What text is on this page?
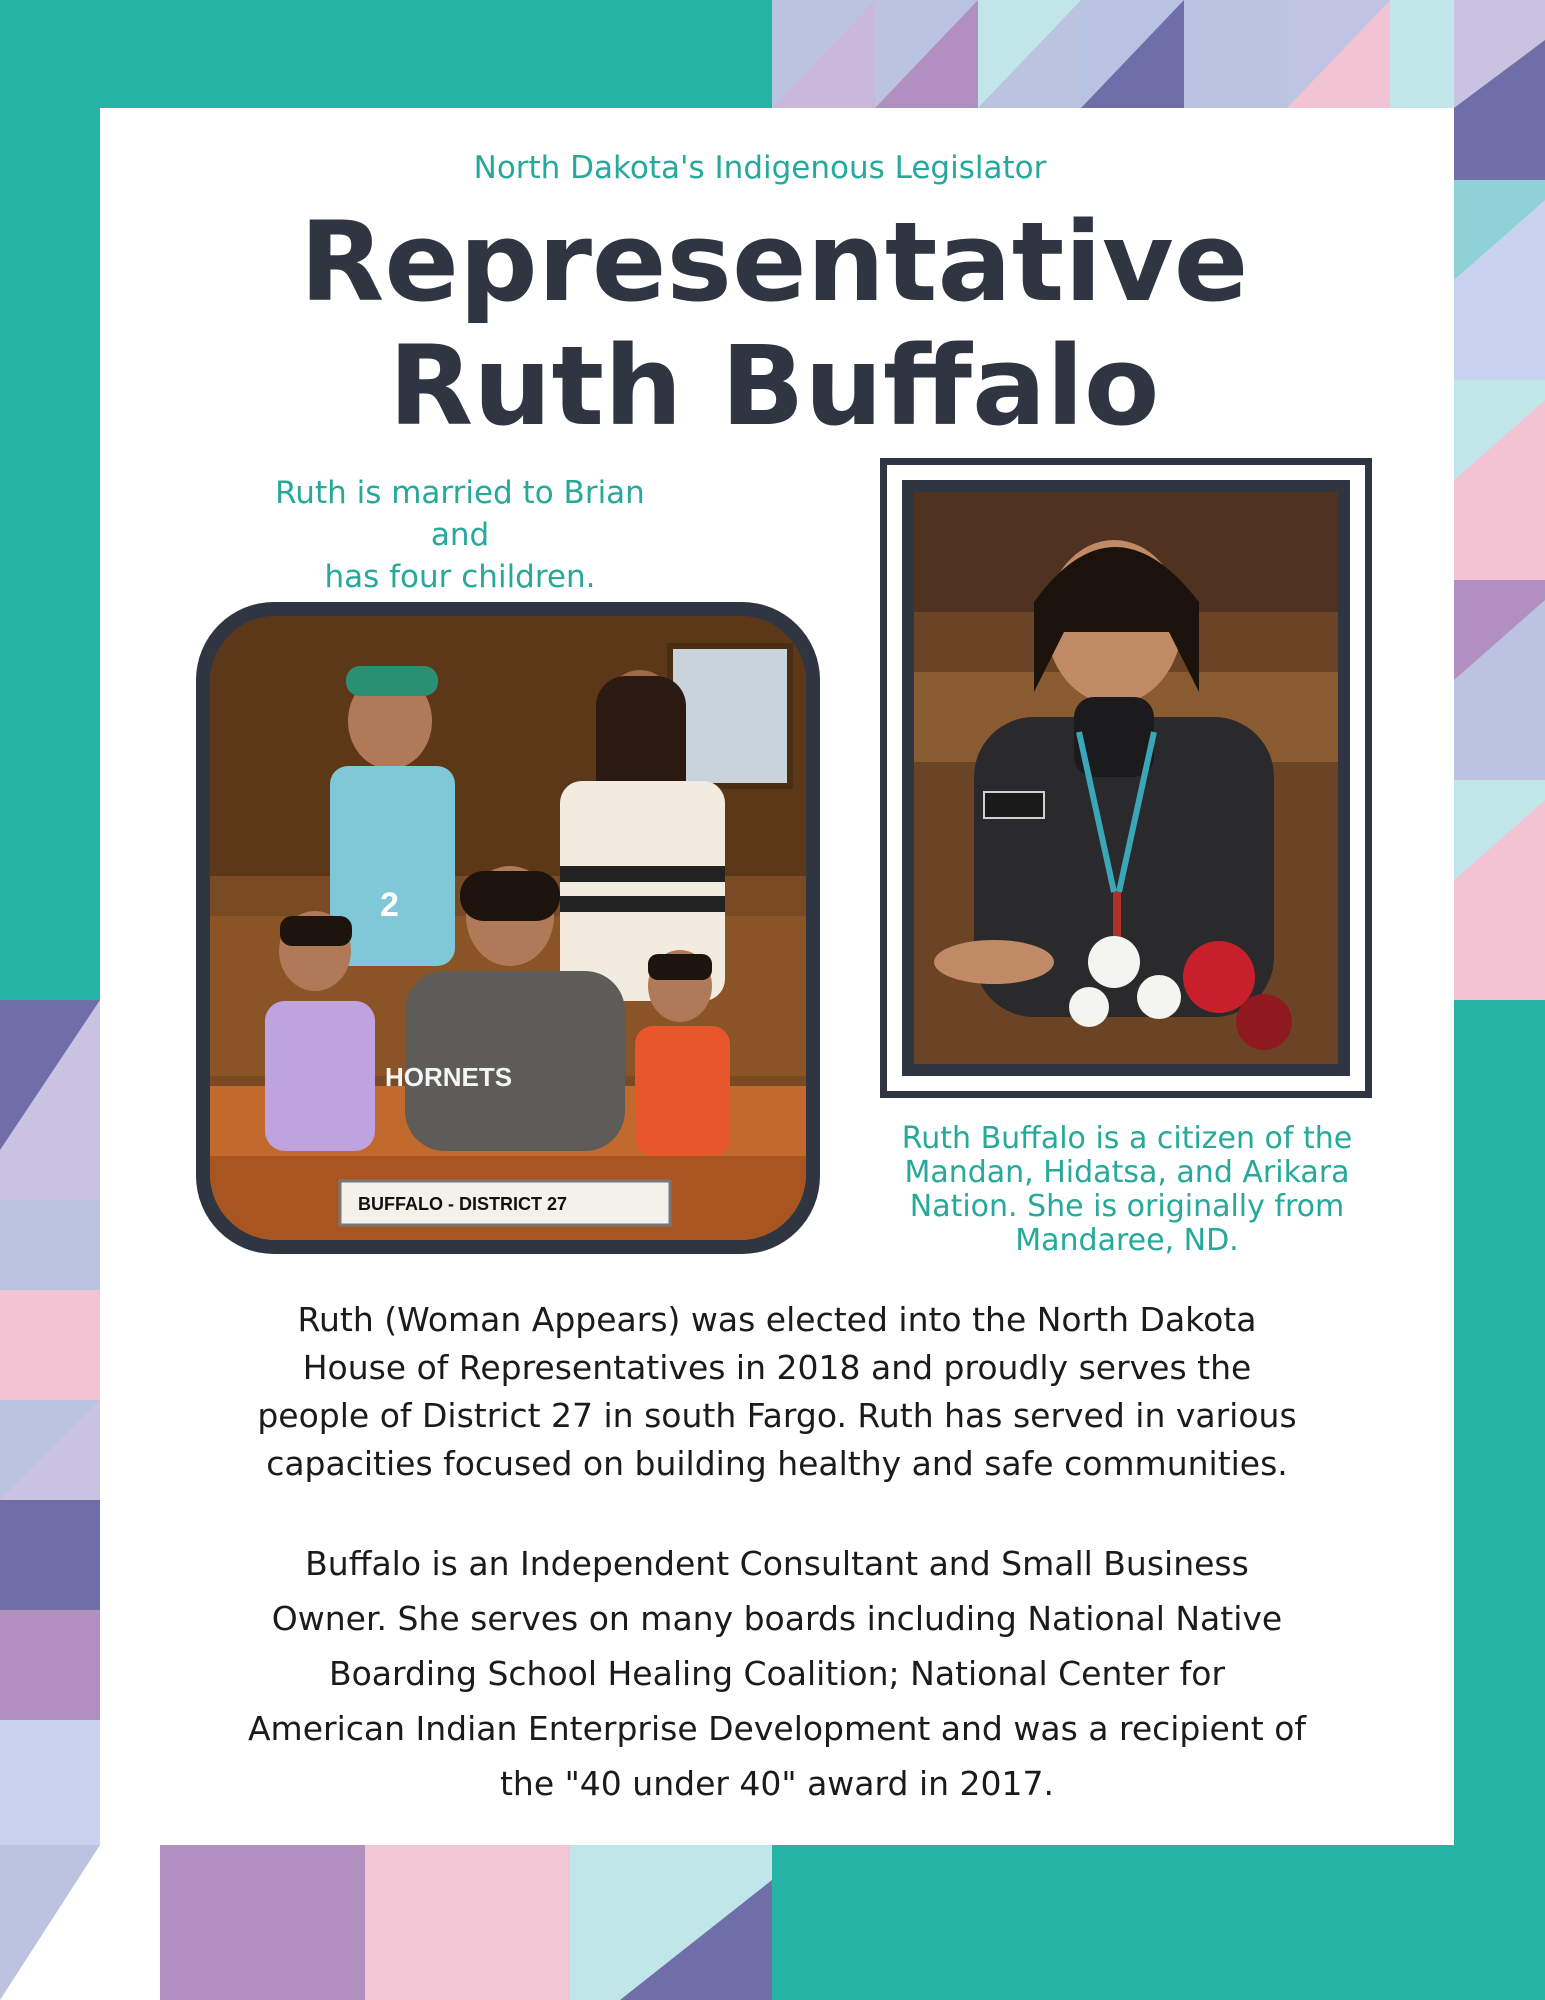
North Dakota's Indigenous Legislator
Representative
Ruth Buffalo
Ruth is married to Brian and
has four children.
HORNETS
2
BUFFALO - DISTRICT 27
Ruth Buffalo is a citizen of the
Mandan, Hidatsa, and Arikara
Nation. She is originally from
Mandaree, ND.
Ruth (Woman Appears) was elected into the North Dakota
House of Representatives in 2018 and proudly serves the
people of District 27 in south Fargo. Ruth has served in various
capacities focused on building healthy and safe communities.
Buffalo is an Independent Consultant and Small Business
Owner. She serves on many boards including National Native
Boarding School Healing Coalition; National Center for
American Indian Enterprise Development and was a recipient of
the "40 under 40" award in 2017.
